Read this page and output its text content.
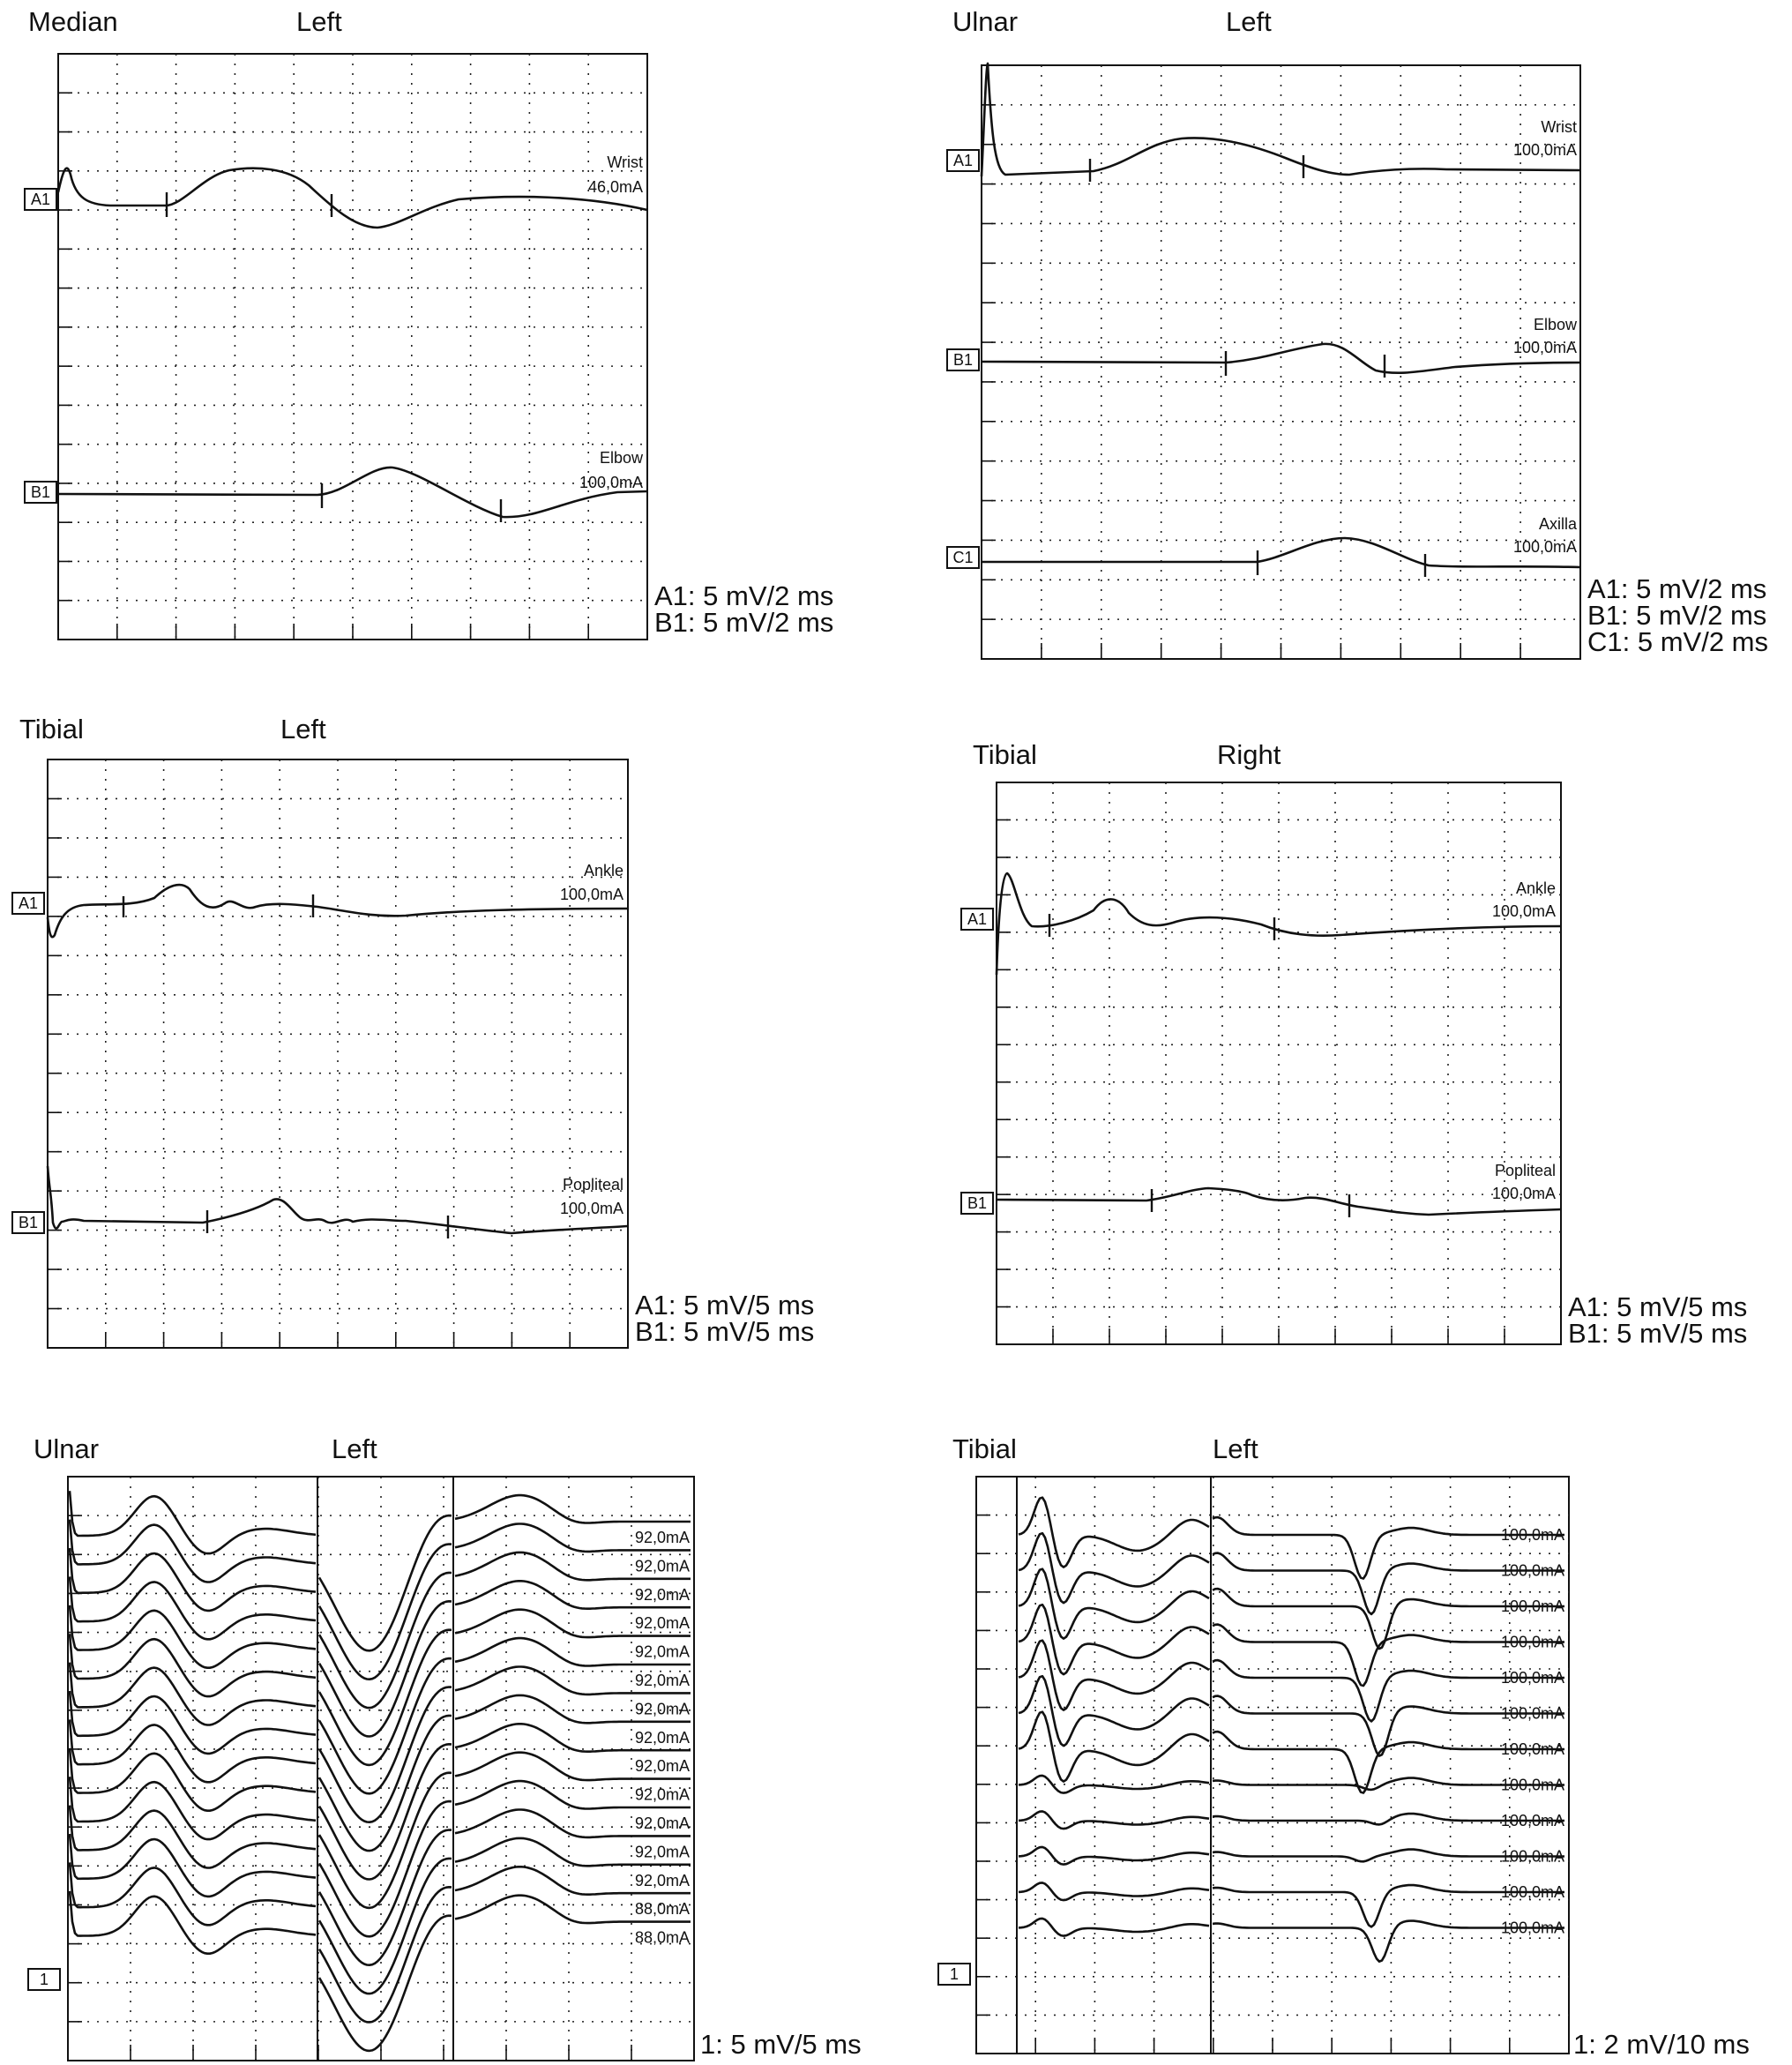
Median	Left
Wrist
46,0mA
Elbow
100,0mA
A1
B1
A1: 5 mV/2 ms
B1: 5 mV/2 ms
Ulnar	Left
Wrist
100,0mA
Elbow
100,0mA
Axilla
100,0mA
A1
B1
C1
A1: 5 mV/2 ms
B1: 5 mV/2 ms
C1: 5 mV/2 ms
Tibial	Left
Ankle
100,0mA
Popliteal
100,0mA
A1
B1
A1: 5 mV/5 ms
B1: 5 mV/5 ms
Tibial	Right
Ankle
100,0mA
Popliteal
100,0mA
A1
B1
A1: 5 mV/5 ms
B1: 5 mV/5 ms
Ulnar	Left
92,0mA
92,0mA
92,0mA
92,0mA
92,0mA
92,0mA
92,0mA
92,0mA
92,0mA
92,0mA
92,0mA
92,0mA
92,0mA
88,0mA
88,0mA
1
1: 5 mV/5 ms
Tibial	Left
100,0mA
100,0mA
100,0mA
100,0mA
100,0mA
100,0mA
100,0mA
100,0mA
100,0mA
100,0mA
100,0mA
100,0mA
1
1: 2 mV/10 ms
